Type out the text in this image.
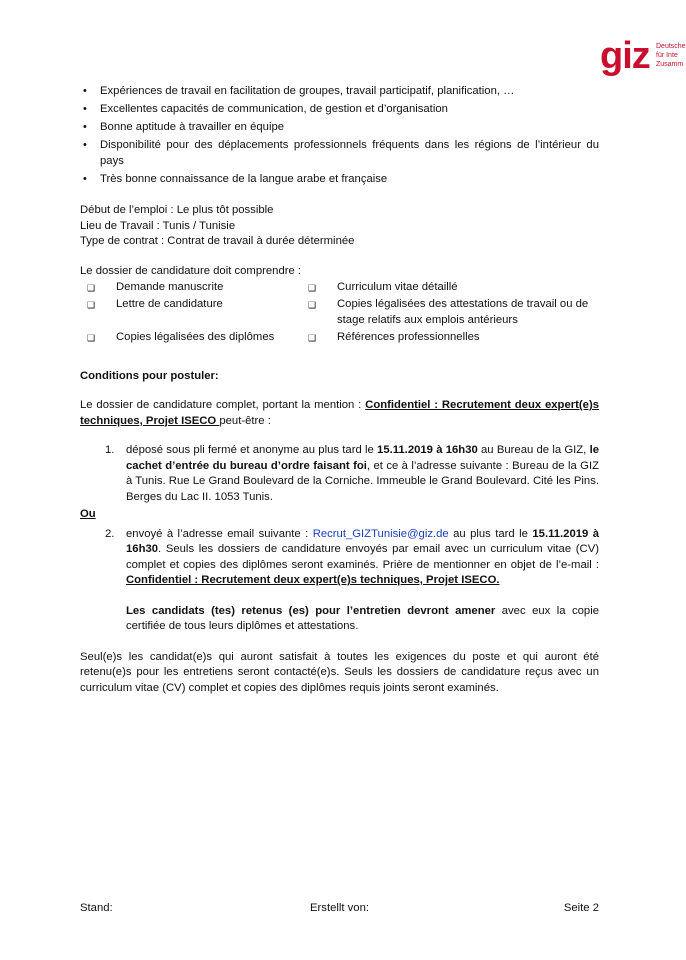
giz Deutsche
für Inte
Zusamm
• Expériences de travail en facilitation de groupes, travail participatif, planification, …
• Excellentes capacités de communication, de gestion et d’organisation
• Bonne aptitude à travailler en équipe
• Disponibilité pour des déplacements professionnels fréquents dans les régions de l’intérieur du pays
• Très bonne connaissance de la langue arabe et française
Début de l’emploi : Le plus tôt possible
Lieu de Travail : Tunis / Tunisie
Type de contrat : Contrat de travail à durée déterminée
Le dossier de candidature doit comprendre :
❑ Demande manuscrite	❑ Curriculum vitae détaillé
❑ Lettre de candidature	❑ Copies légalisées des attestations de travail ou de stage relatifs aux emplois antérieurs
❑ Copies légalisées des diplômes	❑ Références professionnelles
Conditions pour postuler:
Le dossier de candidature complet, portant la mention : Confidentiel : Recrutement deux expert(e)s techniques, Projet ISECO peut-être :
1. déposé sous pli fermé et anonyme au plus tard le 15.11.2019 à 16h30 au Bureau de la GIZ, le cachet d’entrée du bureau d’ordre faisant foi, et ce à l’adresse suivante : Bureau de la GIZ à Tunis. Rue Le Grand Boulevard de la Corniche. Immeuble le Grand Boulevard. Cité les Pins. Berges du Lac II. 1053 Tunis.
Ou
2. envoyé à l’adresse email suivante : Recrut_GIZTunisie@giz.de au plus tard le 15.11.2019 à 16h30. Seuls les dossiers de candidature envoyés par email avec un curriculum vitae (CV) complet et copies des diplômes seront examinés. Prière de mentionner en objet de l’e-mail : Confidentiel : Recrutement deux expert(e)s techniques, Projet ISECO.
Les candidats (tes) retenus (es) pour l’entretien devront amener avec eux la copie certifiée de tous leurs diplômes et attestations.
Seul(e)s les candidat(e)s qui auront satisfait à toutes les exigences du poste et qui auront été retenu(e)s pour les entretiens seront contacté(e)s. Seuls les dossiers de candidature reçus avec un curriculum vitae (CV) complet et copies des diplômes requis joints seront examinés.
Stand:	Erstellt von:	Seite 2
